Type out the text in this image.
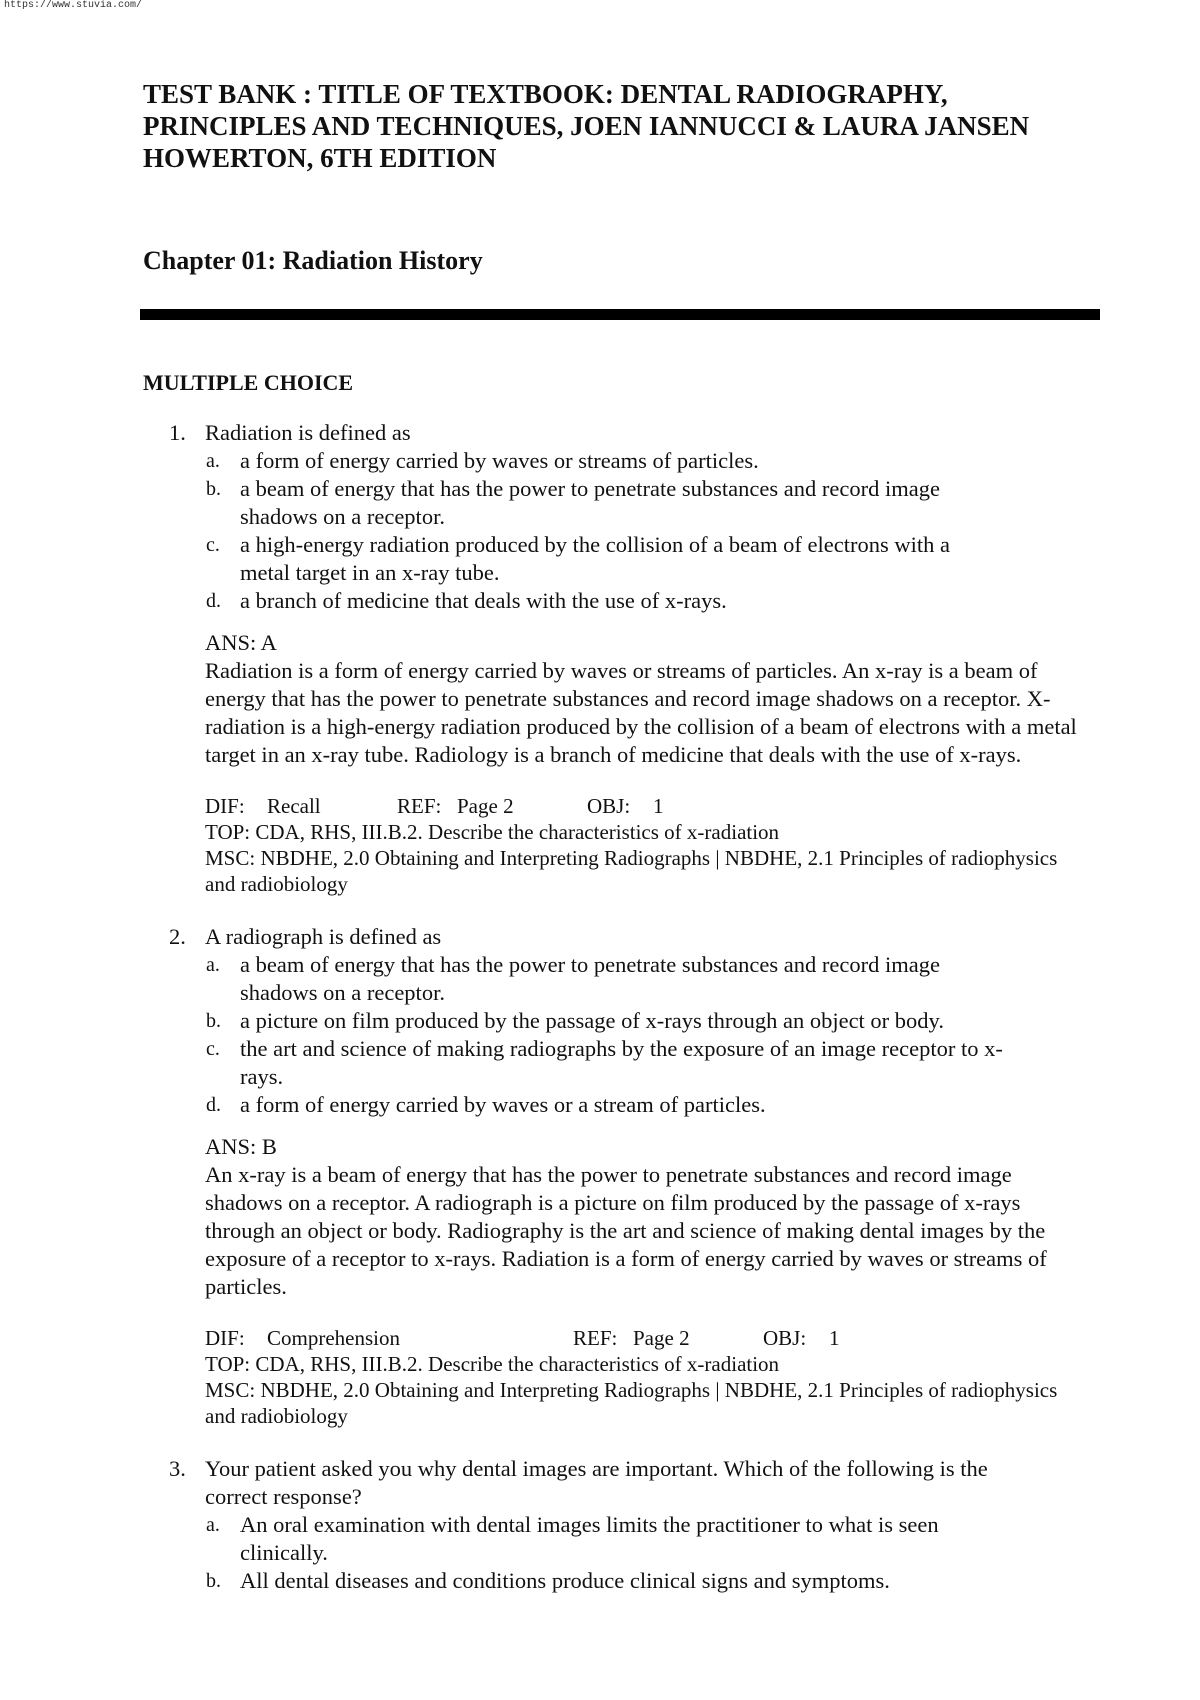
https://www.stuvia.com/
TEST BANK : TITLE OF TEXTBOOK: DENTAL RADIOGRAPHY, PRINCIPLES AND TECHNIQUES, JOEN IANNUCCI & LAURA JANSEN HOWERTON, 6TH EDITION
Chapter 01: Radiation History
MULTIPLE CHOICE
1. Radiation is defined as

a. a form of energy carried by waves or streams of particles.
b. a beam of energy that has the power to penetrate substances and record image shadows on a receptor.
c. a high-energy radiation produced by the collision of a beam of electrons with a metal target in an x-ray tube.
d. a branch of medicine that deals with the use of x-rays.
ANS: A

Radiation is a form of energy carried by waves or streams of particles. An x-ray is a beam of energy that has the power to penetrate substances and record image shadows on a receptor. X-radiation is a high-energy radiation produced by the collision of a beam of electrons with a metal target in an x-ray tube. Radiology is a branch of medicine that deals with the use of x-rays.

DIF: Recall	REF: Page 2	OBJ: 1
TOP: CDA, RHS, III.B.2. Describe the characteristics of x-radiation
MSC: NBDHE, 2.0 Obtaining and Interpreting Radiographs | NBDHE, 2.1 Principles of radiophysics and radiobiology
2. A radiograph is defined as

a. a beam of energy that has the power to penetrate substances and record image shadows on a receptor.
b. a picture on film produced by the passage of x-rays through an object or body.
c. the art and science of making radiographs by the exposure of an image receptor to x-rays.
d. a form of energy carried by waves or a stream of particles.
ANS: B

An x-ray is a beam of energy that has the power to penetrate substances and record image shadows on a receptor. A radiograph is a picture on film produced by the passage of x-rays through an object or body. Radiography is the art and science of making dental images by the exposure of a receptor to x-rays. Radiation is a form of energy carried by waves or streams of particles.

DIF: Comprehension	REF: Page 2	OBJ: 1
TOP: CDA, RHS, III.B.2. Describe the characteristics of x-radiation
MSC: NBDHE, 2.0 Obtaining and Interpreting Radiographs | NBDHE, 2.1 Principles of radiophysics and radiobiology
3. Your patient asked you why dental images are important. Which of the following is the correct response?

a. An oral examination with dental images limits the practitioner to what is seen clinically.
b. All dental diseases and conditions produce clinical signs and symptoms.
